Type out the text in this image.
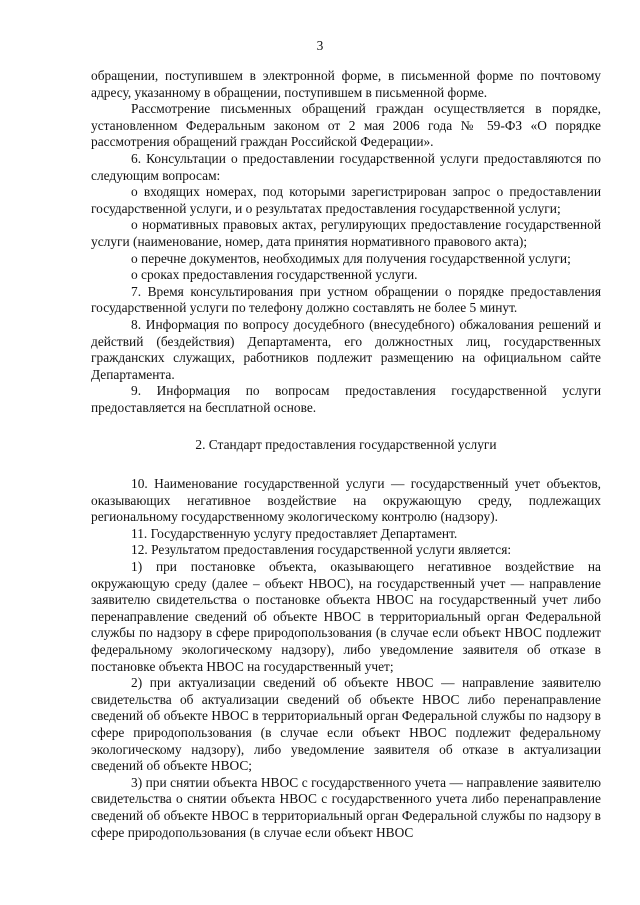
3

обращении, поступившем в электронной форме, в письменной форме по почтовому адресу, указанному в обращении, поступившем в письменной форме.

Рассмотрение письменных обращений граждан осуществляется в порядке, установленном Федеральным законом от 2 мая 2006 года № 59-ФЗ «О порядке рассмотрения обращений граждан Российской Федерации».

6. Консультации о предоставлении государственной услуги предоставляются по следующим вопросам:

о входящих номерах, под которыми зарегистрирован запрос о предоставлении государственной услуги, и о результатах предоставления государственной услуги;

о нормативных правовых актах, регулирующих предоставление государственной услуги (наименование, номер, дата принятия нормативного правового акта);

о перечне документов, необходимых для получения государственной услуги;

о сроках предоставления государственной услуги.

7. Время консультирования при устном обращении о порядке предоставления государственной услуги по телефону должно составлять не более 5 минут.

8. Информация по вопросу досудебного (внесудебного) обжалования решений и действий (бездействия) Департамента, его должностных лиц, государственных гражданских служащих, работников подлежит размещению на официальном сайте Департамента.

9. Информация по вопросам предоставления государственной услуги предоставляется на бесплатной основе.

2. Стандарт предоставления государственной услуги

10. Наименование государственной услуги — государственный учет объектов, оказывающих негативное воздействие на окружающую среду, подлежащих региональному государственному экологическому контролю (надзору).

11. Государственную услугу предоставляет Департамент.

12. Результатом предоставления государственной услуги является:

1) при постановке объекта, оказывающего негативное воздействие на окружающую среду (далее – объект НВОС), на государственный учет — направление заявителю свидетельства о постановке объекта НВОС на государственный учет либо перенаправление сведений об объекте НВОС в территориальный орган Федеральной службы по надзору в сфере природопользования (в случае если объект НВОС подлежит федеральному экологическому надзору), либо уведомление заявителя об отказе в постановке объекта НВОС на государственный учет;

2) при актуализации сведений об объекте НВОС — направление заявителю свидетельства об актуализации сведений об объекте НВОС либо перенаправление сведений об объекте НВОС в территориальный орган Федеральной службы по надзору в сфере природопользования (в случае если объект НВОС подлежит федеральному экологическому надзору), либо уведомление заявителя об отказе в актуализации сведений об объекте НВОС;

3) при снятии объекта НВОС с государственного учета — направление заявителю свидетельства о снятии объекта НВОС с государственного учета либо перенаправление сведений об объекте НВОС в территориальный орган Федеральной службы по надзору в сфере природопользования (в случае если объект НВОС
